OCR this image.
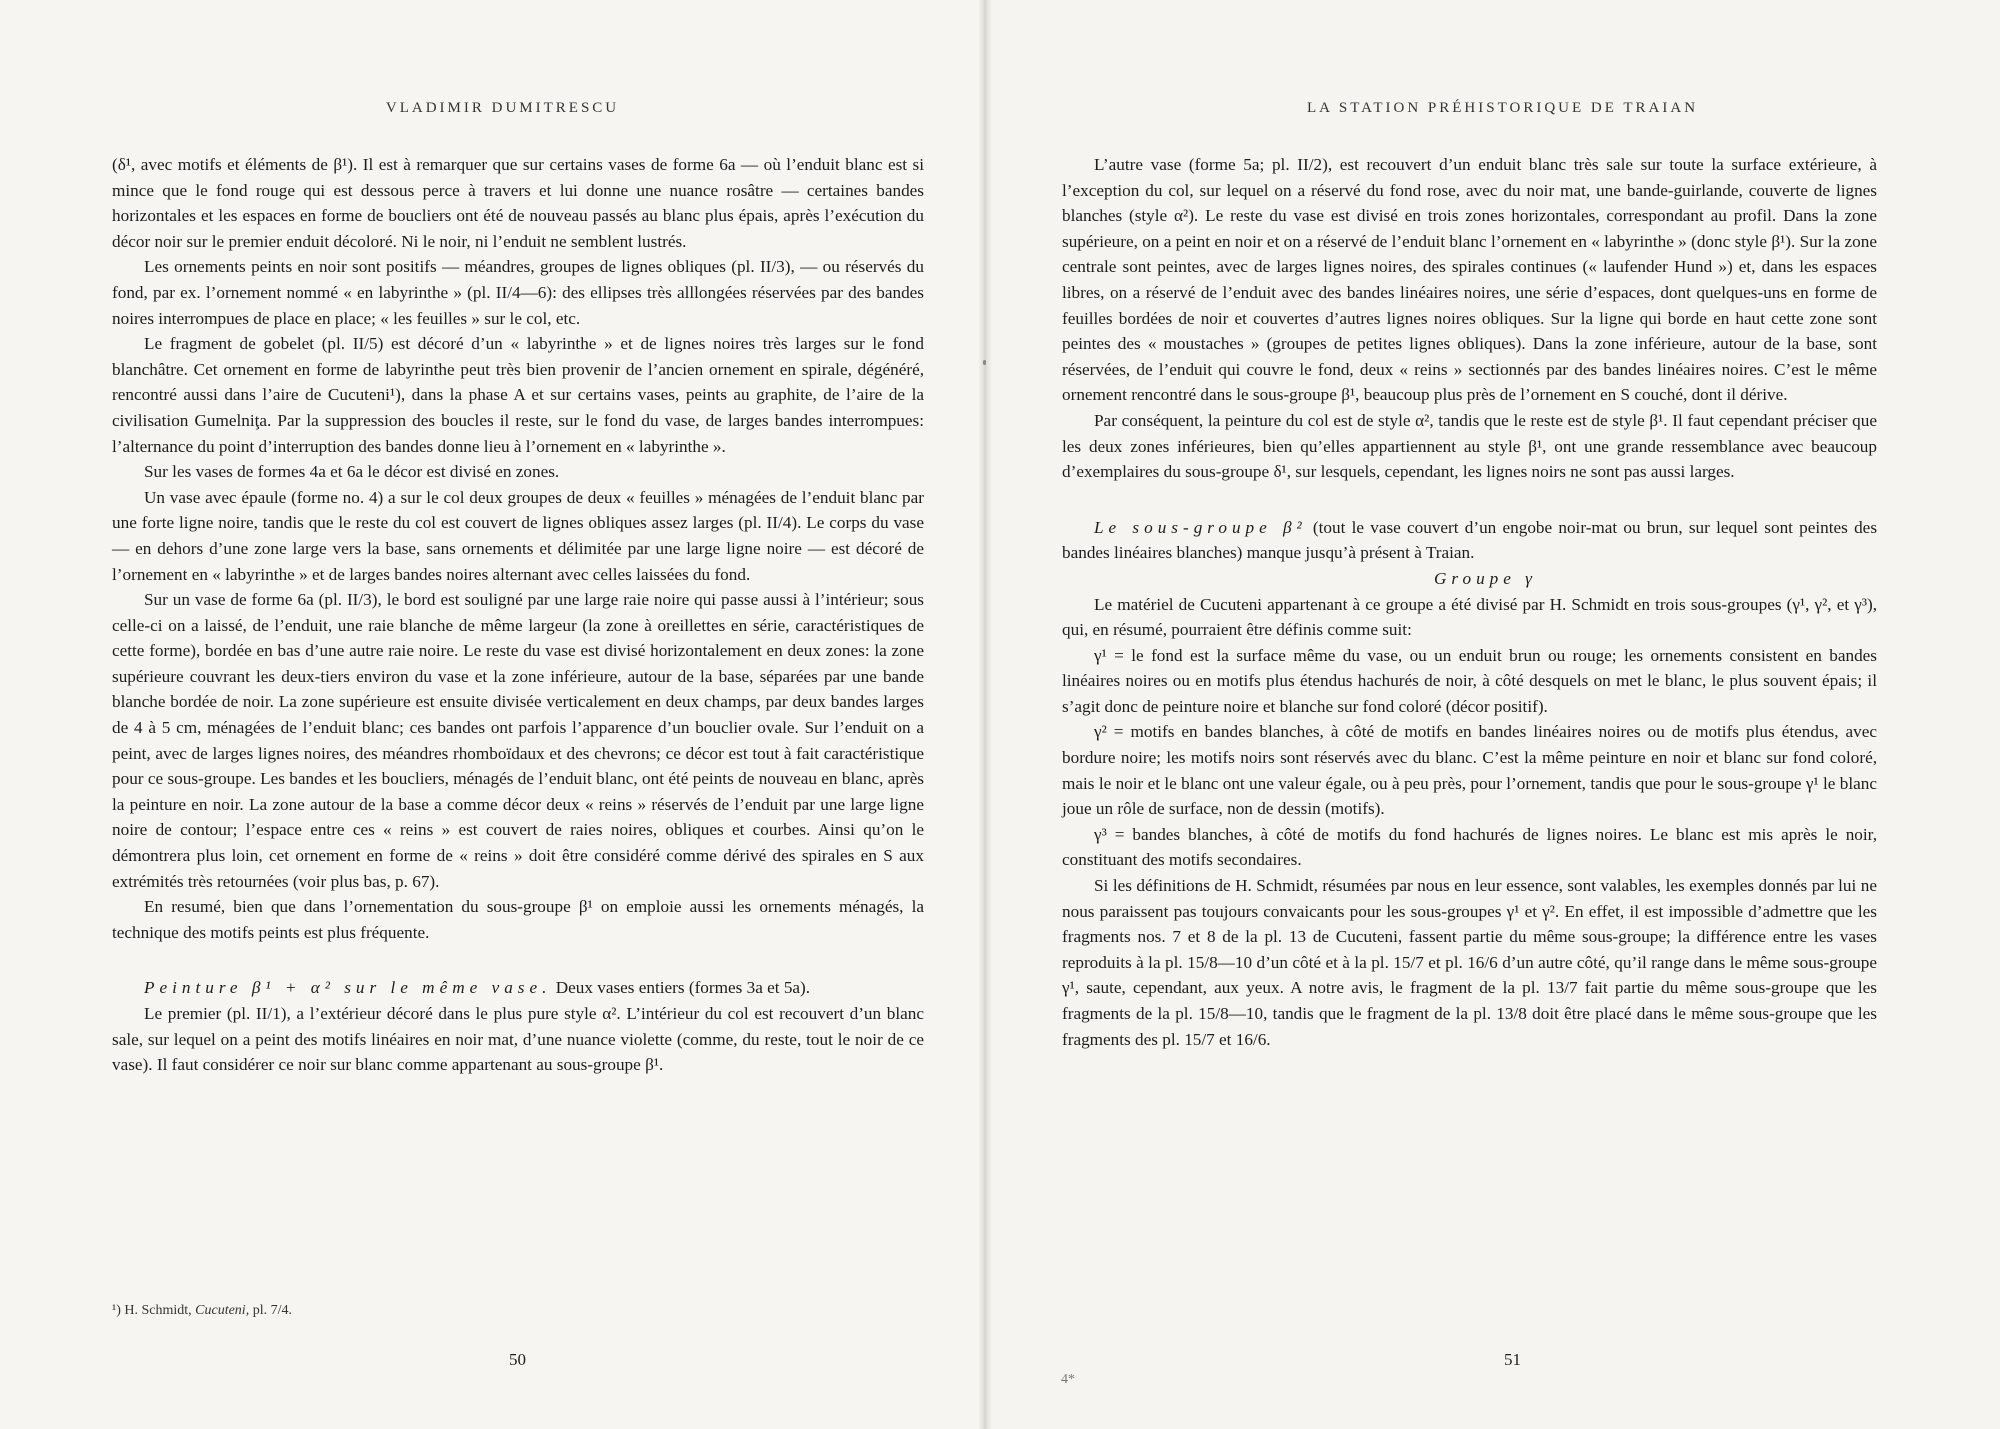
VLADIMIR DUMITRESCU

(δ¹, avec motifs et éléments de β¹). Il est à remarquer que sur certains vases de forme 6a — où l’enduit blanc est si mince que le fond rouge qui est dessous perce à travers et lui donne une nuance rosâtre — certaines bandes horizontales et les espaces en forme de boucliers ont été de nouveau passés au blanc plus épais, après l’exécution du décor noir sur le premier enduit décoloré. Ni le noir, ni l’enduit ne semblent lustrés.

Les ornements peints en noir sont positifs — méandres, groupes de lignes obliques (pl. II/3), — ou réservés du fond, par ex. l’ornement nommé « en labyrinthe » (pl. II/4—6): des ellipses très alllongées réservées par des bandes noires interrompues de place en place; « les feuilles » sur le col, etc.

Le fragment de gobelet (pl. II/5) est décoré d’un « labyrinthe » et de lignes noires très larges sur le fond blanchâtre. Cet ornement en forme de labyrinthe peut très bien provenir de l’ancien ornement en spirale, dégénéré, rencontré aussi dans l’aire de Cucuteni¹), dans la phase A et sur certains vases, peints au graphite, de l’aire de la civilisation Gumelniţa. Par la suppression des boucles il reste, sur le fond du vase, de larges bandes interrompues: l’alternance du point d’interruption des bandes donne lieu à l’ornement en « labyrinthe ».

Sur les vases de formes 4a et 6a le décor est divisé en zones.

Un vase avec épaule (forme no. 4) a sur le col deux groupes de deux « feuilles » ménagées de l’enduit blanc par une forte ligne noire, tandis que le reste du col est couvert de lignes obliques assez larges (pl. II/4). Le corps du vase — en dehors d’une zone large vers la base, sans ornements et délimitée par une large ligne noire — est décoré de l’ornement en « labyrinthe » et de larges bandes noires alternant avec celles laissées du fond.

Sur un vase de forme 6a (pl. II/3), le bord est souligné par une large raie noire qui passe aussi à l’intérieur; sous celle-ci on a laissé, de l’enduit, une raie blanche de même largeur (la zone à oreillettes en série, caractéristiques de cette forme), bordée en bas d’une autre raie noire. Le reste du vase est divisé horizontalement en deux zones: la zone supérieure couvrant les deux-tiers environ du vase et la zone inférieure, autour de la base, séparées par une bande blanche bordée de noir. La zone supérieure est ensuite divisée verticalement en deux champs, par deux bandes larges de 4 à 5 cm, ménagées de l’enduit blanc; ces bandes ont parfois l’apparence d’un bouclier ovale. Sur l’enduit on a peint, avec de larges lignes noires, des méandres rhomboïdaux et des chevrons; ce décor est tout à fait caractéristique pour ce sous-groupe. Les bandes et les boucliers, ménagés de l’enduit blanc, ont été peints de nouveau en blanc, après la peinture en noir. La zone autour de la base a comme décor deux « reins » réservés de l’enduit par une large ligne noire de contour; l’espace entre ces « reins » est couvert de raies noires, obliques et courbes. Ainsi qu’on le démontrera plus loin, cet ornement en forme de « reins » doit être considéré comme dérivé des spirales en S aux extrémités très retournées (voir plus bas, p. 67).

En resumé, bien que dans l’ornementation du sous-groupe β¹ on emploie aussi les ornements ménagés, la technique des motifs peints est plus fréquente.

Peinture β¹ + α² sur le même vase. Deux vases entiers (formes 3a et 5a).

Le premier (pl. II/1), a l’extérieur décoré dans le plus pure style α². L’intérieur du col est recouvert d’un blanc sale, sur lequel on a peint des motifs linéaires en noir mat, d’une nuance violette (comme, du reste, tout le noir de ce vase). Il faut considérer ce noir sur blanc comme appartenant au sous-groupe β¹.

¹) H. Schmidt, Cucuteni, pl. 7/4.
50
LA STATION PRÉHISTORIQUE DE TRAIAN

L’autre vase (forme 5a; pl. II/2), est recouvert d’un enduit blanc très sale sur toute la surface extérieure, à l’exception du col, sur lequel on a réservé du fond rose, avec du noir mat, une bande-guirlande, couverte de lignes blanches (style α²). Le reste du vase est divisé en trois zones horizontales, correspondant au profil. Dans la zone supérieure, on a peint en noir et on a réservé de l’enduit blanc l’ornement en « labyrinthe » (donc style β¹). Sur la zone centrale sont peintes, avec de larges lignes noires, des spirales continues (« laufender Hund ») et, dans les espaces libres, on a réservé de l’enduit avec des bandes linéaires noires, une série d’espaces, dont quelques-uns en forme de feuilles bordées de noir et couvertes d’autres lignes noires obliques. Sur la ligne qui borde en haut cette zone sont peintes des « moustaches » (groupes de petites lignes obliques). Dans la zone inférieure, autour de la base, sont réservées, de l’enduit qui couvre le fond, deux « reins » sectionnés par des bandes linéaires noires. C’est le même ornement rencontré dans le sous-groupe β¹, beaucoup plus près de l’ornement en S couché, dont il dérive.

Par conséquent, la peinture du col est de style α², tandis que le reste est de style β¹. Il faut cependant préciser que les deux zones inférieures, bien qu’elles appartiennent au style β¹, ont une grande ressemblance avec beaucoup d’exemplaires du sous-groupe δ¹, sur lesquels, cependant, les lignes noirs ne sont pas aussi larges.

Le sous-groupe β² (tout le vase couvert d’un engobe noir-mat ou brun, sur lequel sont peintes des bandes linéaires blanches) manque jusqu’à présent à Traian.

Groupe γ

Le matériel de Cucuteni appartenant à ce groupe a été divisé par H. Schmidt en trois sous-groupes (γ¹, γ², et γ³), qui, en résumé, pourraient être définis comme suit:

γ¹ = le fond est la surface même du vase, ou un enduit brun ou rouge; les ornements consistent en bandes linéaires noires ou en motifs plus étendus hachurés de noir, à côté desquels on met le blanc, le plus souvent épais; il s’agit donc de peinture noire et blanche sur fond coloré (décor positif).

γ² = motifs en bandes blanches, à côté de motifs en bandes linéaires noires ou de motifs plus étendus, avec bordure noire; les motifs noirs sont réservés avec du blanc. C’est la même peinture en noir et blanc sur fond coloré, mais le noir et le blanc ont une valeur égale, ou à peu près, pour l’ornement, tandis que pour le sous-groupe γ¹ le blanc joue un rôle de surface, non de dessin (motifs).

γ³ = bandes blanches, à côté de motifs du fond hachurés de lignes noires. Le blanc est mis après le noir, constituant des motifs secondaires.

Si les définitions de H. Schmidt, résumées par nous en leur essence, sont valables, les exemples donnés par lui ne nous paraissent pas toujours convaicants pour les sous-groupes γ¹ et γ². En effet, il est impossible d’admettre que les fragments nos. 7 et 8 de la pl. 13 de Cucuteni, fassent partie du même sous-groupe; la différence entre les vases reproduits à la pl. 15/8—10 d’un côté et à la pl. 15/7 et pl. 16/6 d’un autre côté, qu’il range dans le même sous-groupe γ¹, saute, cependant, aux yeux. A notre avis, le fragment de la pl. 13/7 fait partie du même sous-groupe que les fragments de la pl. 15/8—10, tandis que le fragment de la pl. 13/8 doit être placé dans le même sous-groupe que les fragments des pl. 15/7 et 16/6.

4*
51
